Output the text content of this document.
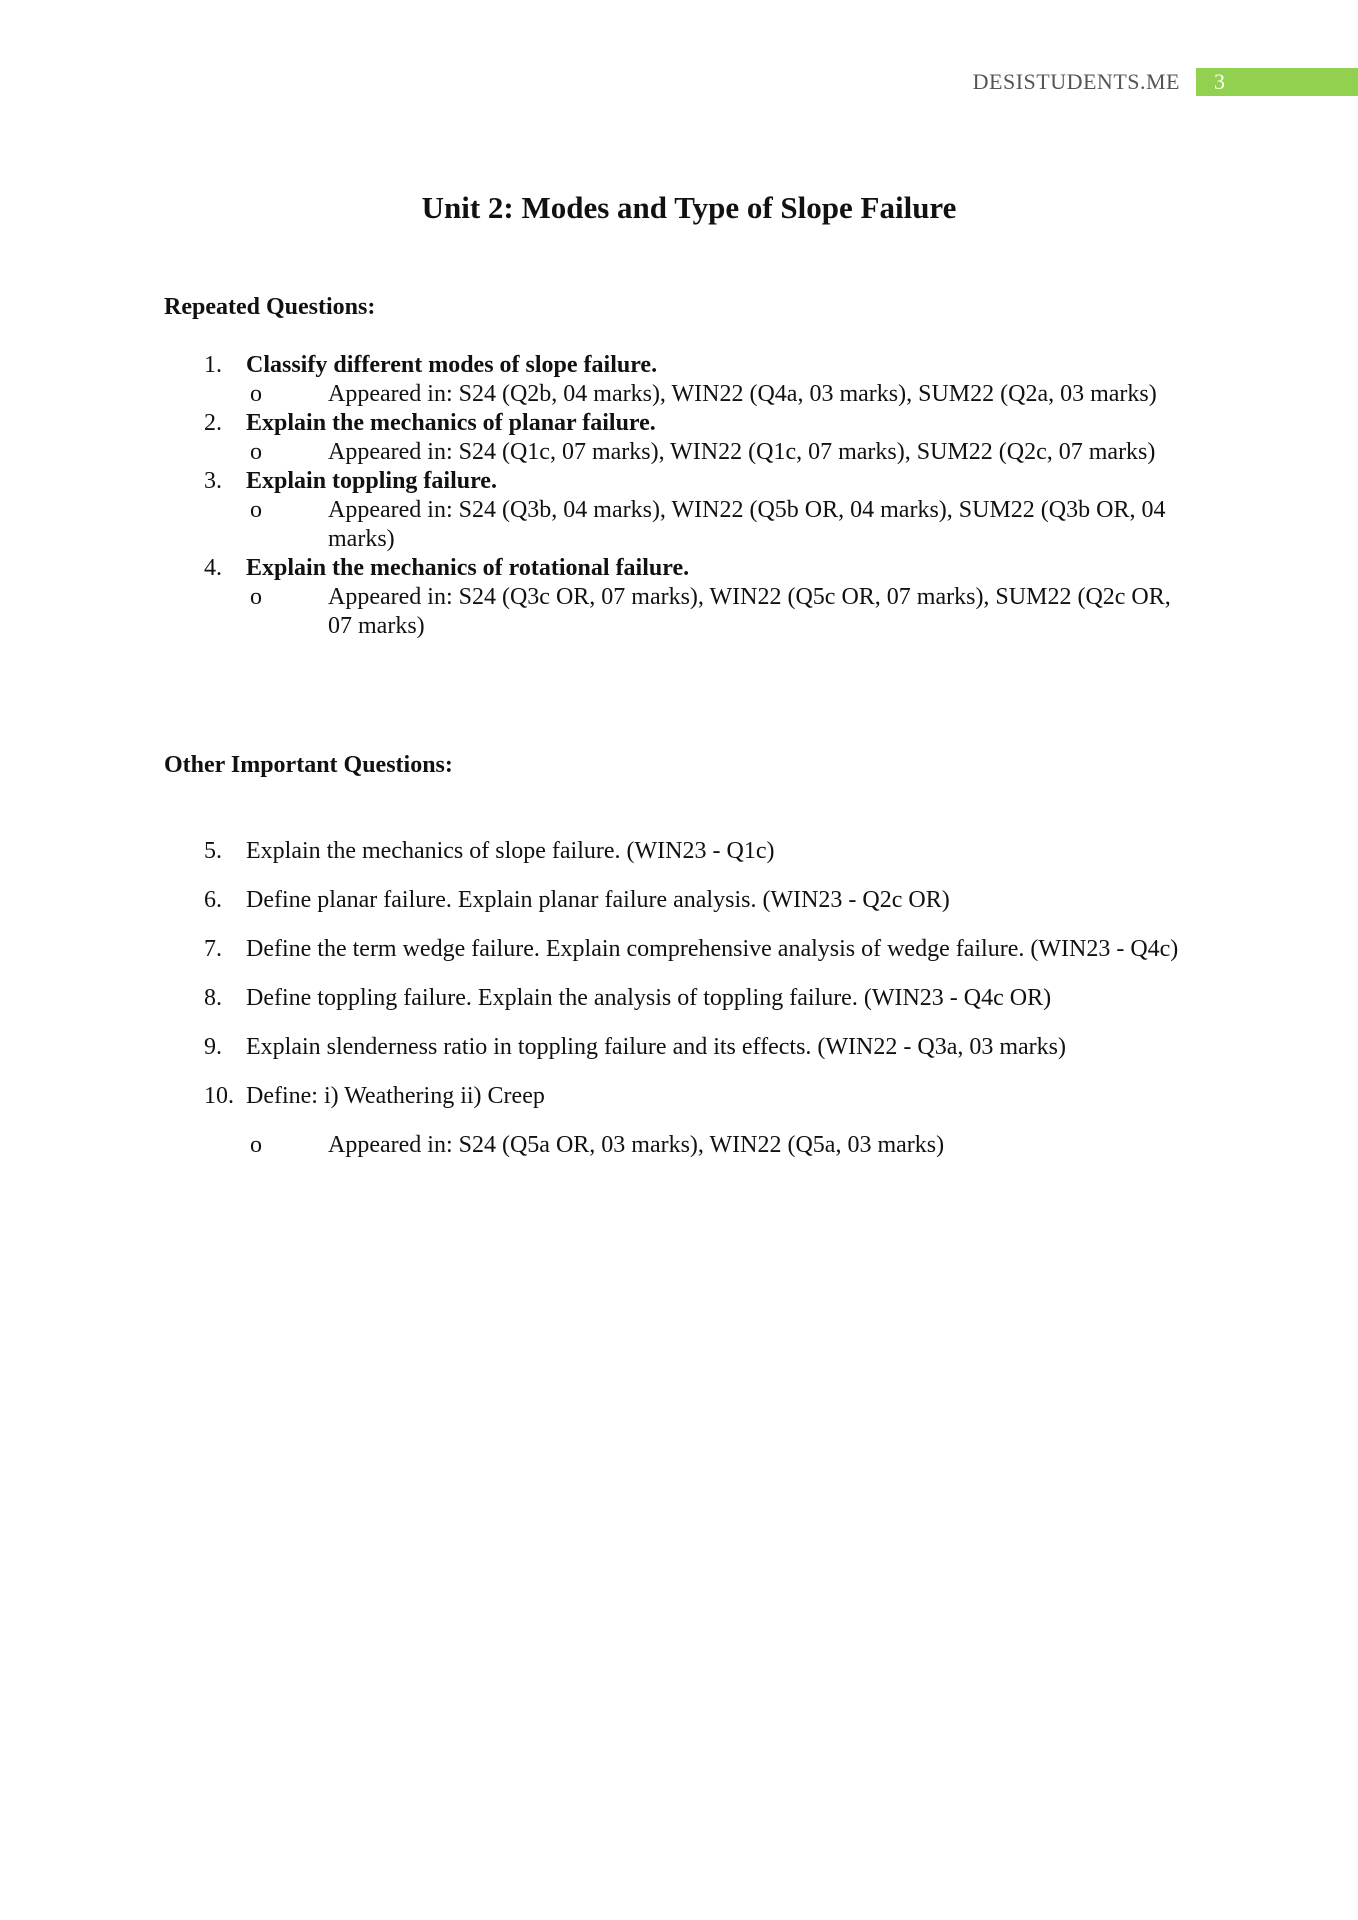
DESISTUDENTS.ME	3
Unit 2: Modes and Type of Slope Failure
Repeated Questions:
1. Classify different modes of slope failure.
o	Appeared in: S24 (Q2b, 04 marks), WIN22 (Q4a, 03 marks), SUM22 (Q2a, 03 marks)
2. Explain the mechanics of planar failure.
o	Appeared in: S24 (Q1c, 07 marks), WIN22 (Q1c, 07 marks), SUM22 (Q2c, 07 marks)
3. Explain toppling failure.
o	Appeared in: S24 (Q3b, 04 marks), WIN22 (Q5b OR, 04 marks), SUM22 (Q3b OR, 04 marks)
4. Explain the mechanics of rotational failure.
o	Appeared in: S24 (Q3c OR, 07 marks), WIN22 (Q5c OR, 07 marks), SUM22 (Q2c OR, 07 marks)
Other Important Questions:
5. Explain the mechanics of slope failure. (WIN23 - Q1c)
6. Define planar failure. Explain planar failure analysis. (WIN23 - Q2c OR)
7. Define the term wedge failure. Explain comprehensive analysis of wedge failure. (WIN23 - Q4c)
8. Define toppling failure. Explain the analysis of toppling failure. (WIN23 - Q4c OR)
9. Explain slenderness ratio in toppling failure and its effects. (WIN22 - Q3a, 03 marks)
10. Define: i) Weathering ii) Creep
o	Appeared in: S24 (Q5a OR, 03 marks), WIN22 (Q5a, 03 marks)
